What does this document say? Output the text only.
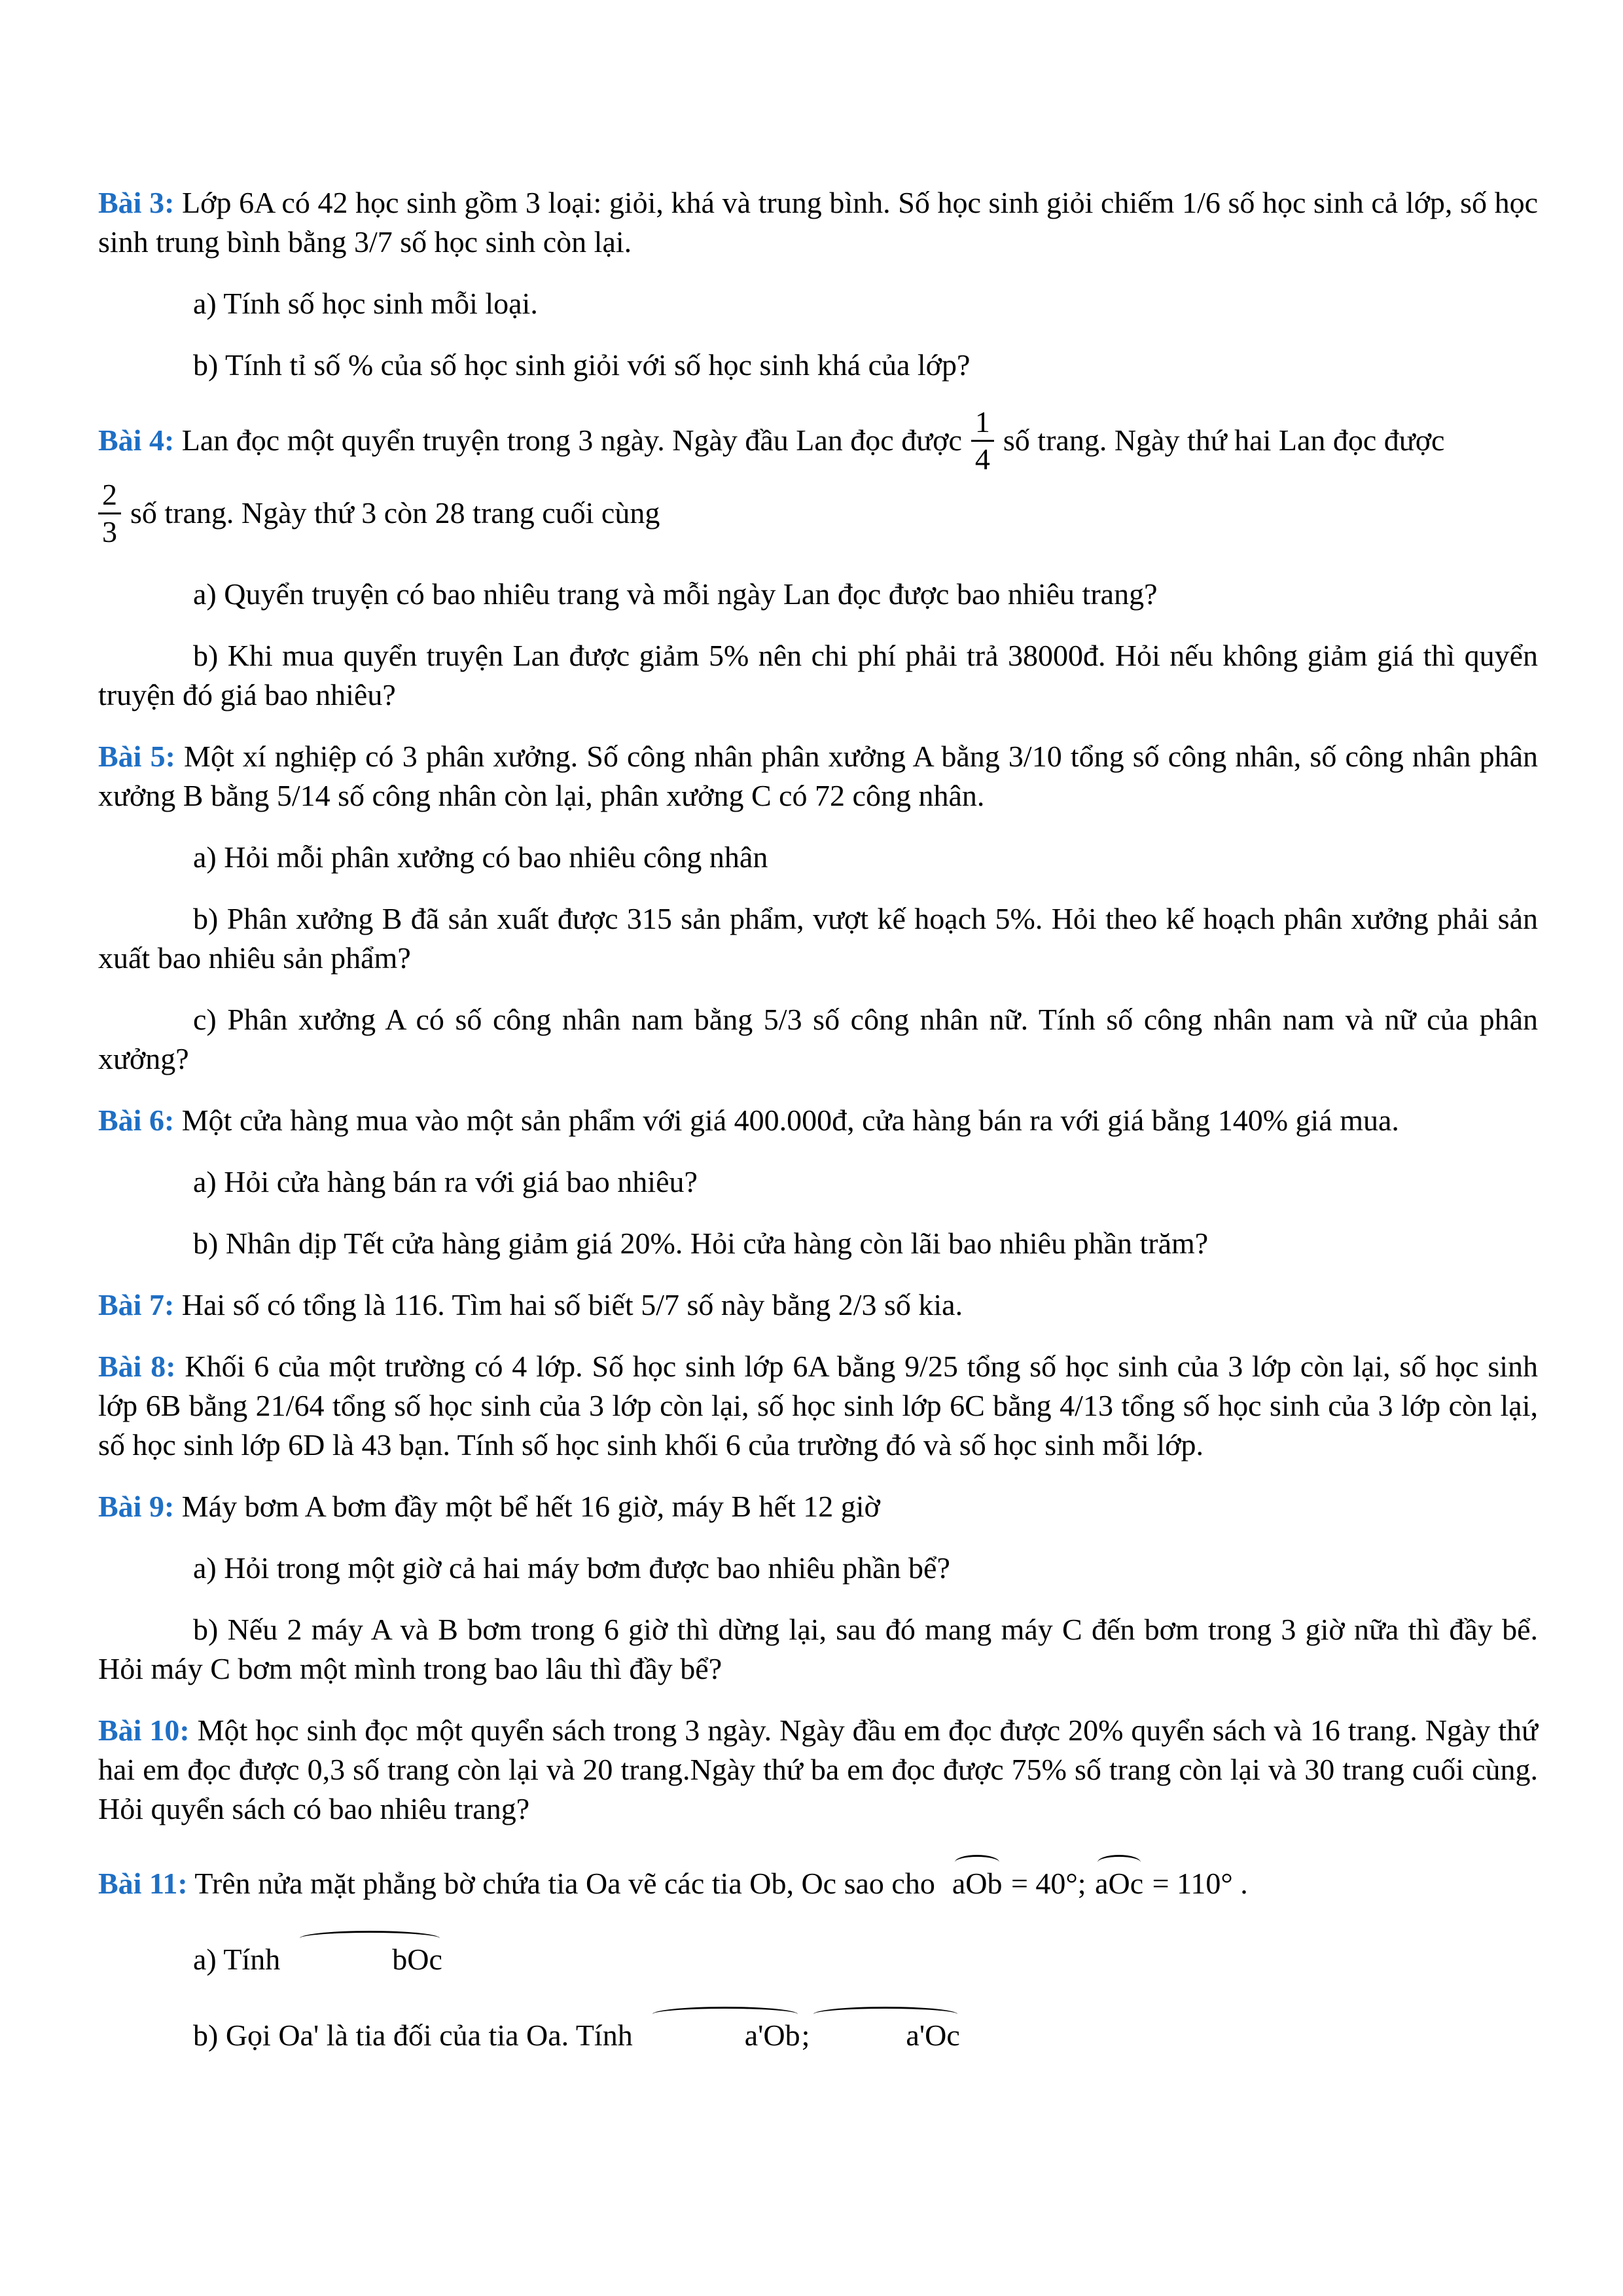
Bài 3: Lớp 6A có 42 học sinh gồm 3 loại: giỏi, khá và trung bình. Số học sinh giỏi chiếm 1/6 số học sinh cả lớp, số học sinh trung bình bằng 3/7 số học sinh còn lại.

a) Tính số học sinh mỗi loại.

b) Tính tỉ số % của số học sinh giỏi với số học sinh khá của lớp?

Bài 4: Lan đọc một quyển truyện trong 3 ngày. Ngày đầu Lan đọc được $\frac{1}{4}$ số trang. Ngày thứ hai Lan đọc được

$\frac{2}{3}$ số trang. Ngày thứ 3 còn 28 trang cuối cùng

a) Quyển truyện có bao nhiêu trang và mỗi ngày Lan đọc được bao nhiêu trang?

b) Khi mua quyển truyện Lan được giảm 5% nên chi phí phải trả 38000đ. Hỏi nếu không giảm giá thì quyển truyện đó giá bao nhiêu?

Bài 5: Một xí nghiệp có 3 phân xưởng. Số công nhân phân xưởng A bằng 3/10 tổng số công nhân, số công nhân phân xưởng B bằng 5/14 số công nhân còn lại, phân xưởng C có 72 công nhân.

a) Hỏi mỗi phân xưởng có bao nhiêu công nhân

b) Phân xưởng B đã sản xuất được 315 sản phẩm, vượt kế hoạch 5%. Hỏi theo kế hoạch phân xưởng phải sản xuất bao nhiêu sản phẩm?

c) Phân xưởng A có số công nhân nam bằng 5/3 số công nhân nữ. Tính số công nhân nam và nữ của phân xưởng?

Bài 6: Một cửa hàng mua vào một sản phẩm với giá 400.000đ, cửa hàng bán ra với giá bằng 140% giá mua.

a) Hỏi cửa hàng bán ra với giá bao nhiêu?

b) Nhân dịp Tết cửa hàng giảm giá 20%. Hỏi cửa hàng còn lãi bao nhiêu phần trăm?

Bài 7: Hai số có tổng là 116. Tìm hai số biết 5/7 số này bằng 2/3 số kia.

Bài 8: Khối 6 của một trường có 4 lớp. Số học sinh lớp 6A bằng 9/25 tổng số học sinh của 3 lớp còn lại, số học sinh lớp 6B bằng 21/64 tổng số học sinh của 3 lớp còn lại, số học sinh lớp 6C bằng 4/13 tổng số học sinh của 3 lớp còn lại, số học sinh lớp 6D là 43 bạn. Tính số học sinh khối 6 của trường đó và số học sinh mỗi lớp.

Bài 9: Máy bơm A bơm đầy một bể hết 16 giờ, máy B hết 12 giờ

a) Hỏi trong một giờ cả hai máy bơm được bao nhiêu phần bể?

b) Nếu 2 máy A và B bơm trong 6 giờ thì dừng lại, sau đó mang máy C đến bơm trong 3 giờ nữa thì đầy bể. Hỏi máy C bơm một mình trong bao lâu thì đầy bể?

Bài 10: Một học sinh đọc một quyển sách trong 3 ngày. Ngày đầu em đọc được 20% quyển sách và 16 trang. Ngày thứ hai em đọc được 0,3 số trang còn lại và 20 trang.Ngày thứ ba em đọc được 75% số trang còn lại và 30 trang cuối cùng. Hỏi quyển sách có bao nhiêu trang?

Bài 11: Trên nửa mặt phẳng bờ chứa tia Oa vẽ các tia Ob, Oc sao cho aOb = 40°; aOc = 110° .

a) Tính	bOc

b) Gọi Oa' là tia đối của tia Oa. Tính	a'Ob;	a'Oc
